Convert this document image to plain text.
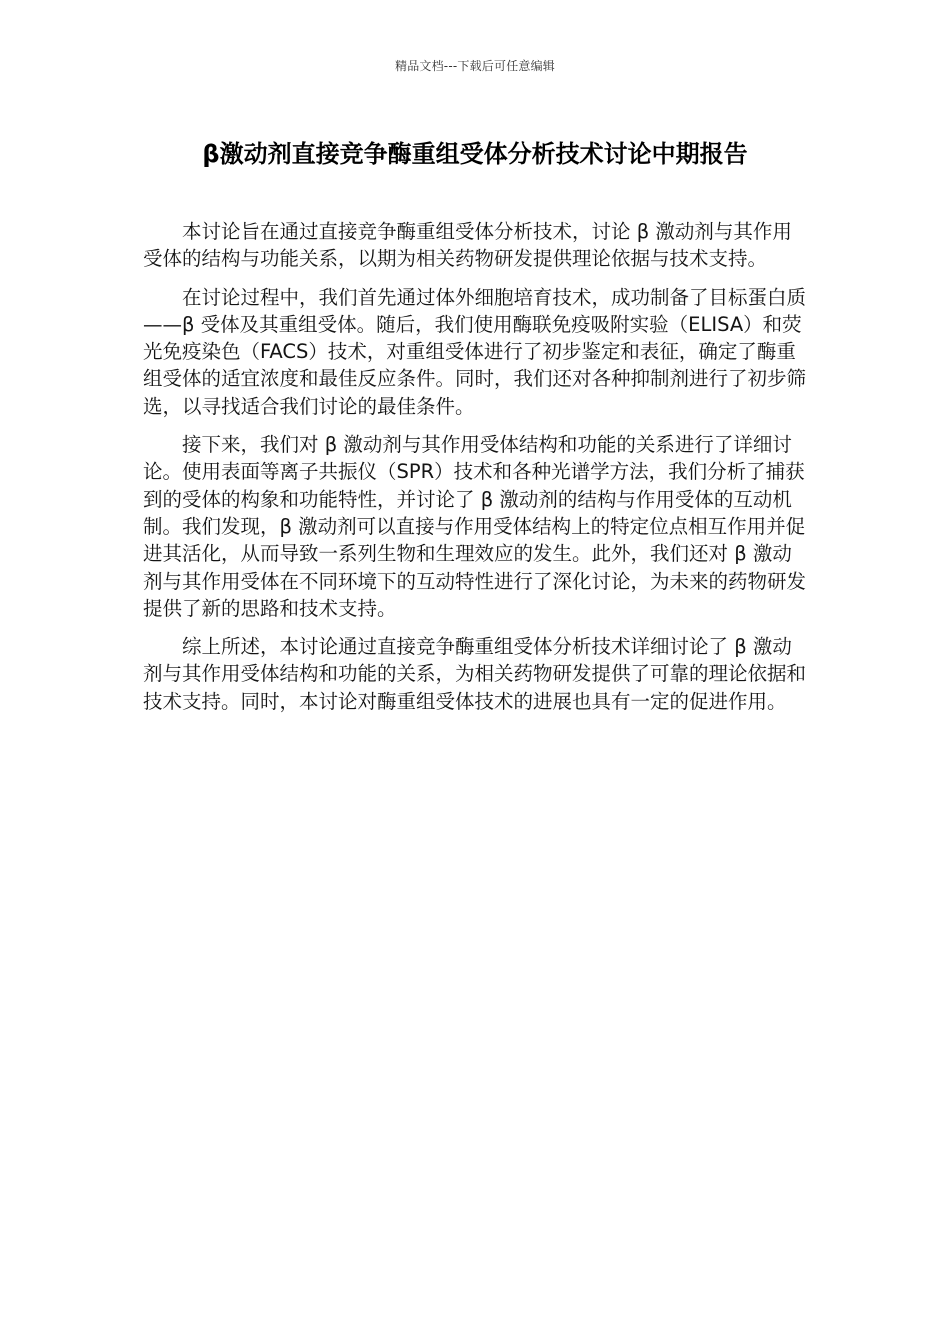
精品文档---下载后可任意编辑
β激动剂直接竞争酶重组受体分析技术讨论中期报告

本讨论旨在通过直接竞争酶重组受体分析技术，讨论 β 激动剂与其作用受体的结构与功能关系，以期为相关药物研发提供理论依据与技术支持。

在讨论过程中，我们首先通过体外细胞培育技术，成功制备了目标蛋白质——β 受体及其重组受体。随后，我们使用酶联免疫吸附实验（ELISA）和荧光免疫染色（FACS）技术，对重组受体进行了初步鉴定和表征，确定了酶重组受体的适宜浓度和最佳反应条件。同时，我们还对各种抑制剂进行了初步筛选，以寻找适合我们讨论的最佳条件。

接下来，我们对 β 激动剂与其作用受体结构和功能的关系进行了详细讨论。使用表面等离子共振仪（SPR）技术和各种光谱学方法，我们分析了捕获到的受体的构象和功能特性，并讨论了 β 激动剂的结构与作用受体的互动机制。我们发现，β 激动剂可以直接与作用受体结构上的特定位点相互作用并促进其活化，从而导致一系列生物和生理效应的发生。此外，我们还对 β 激动剂与其作用受体在不同环境下的互动特性进行了深化讨论，为未来的药物研发提供了新的思路和技术支持。

综上所述，本讨论通过直接竞争酶重组受体分析技术详细讨论了 β 激动剂与其作用受体结构和功能的关系，为相关药物研发提供了可靠的理论依据和技术支持。同时，本讨论对酶重组受体技术的进展也具有一定的促进作用。
